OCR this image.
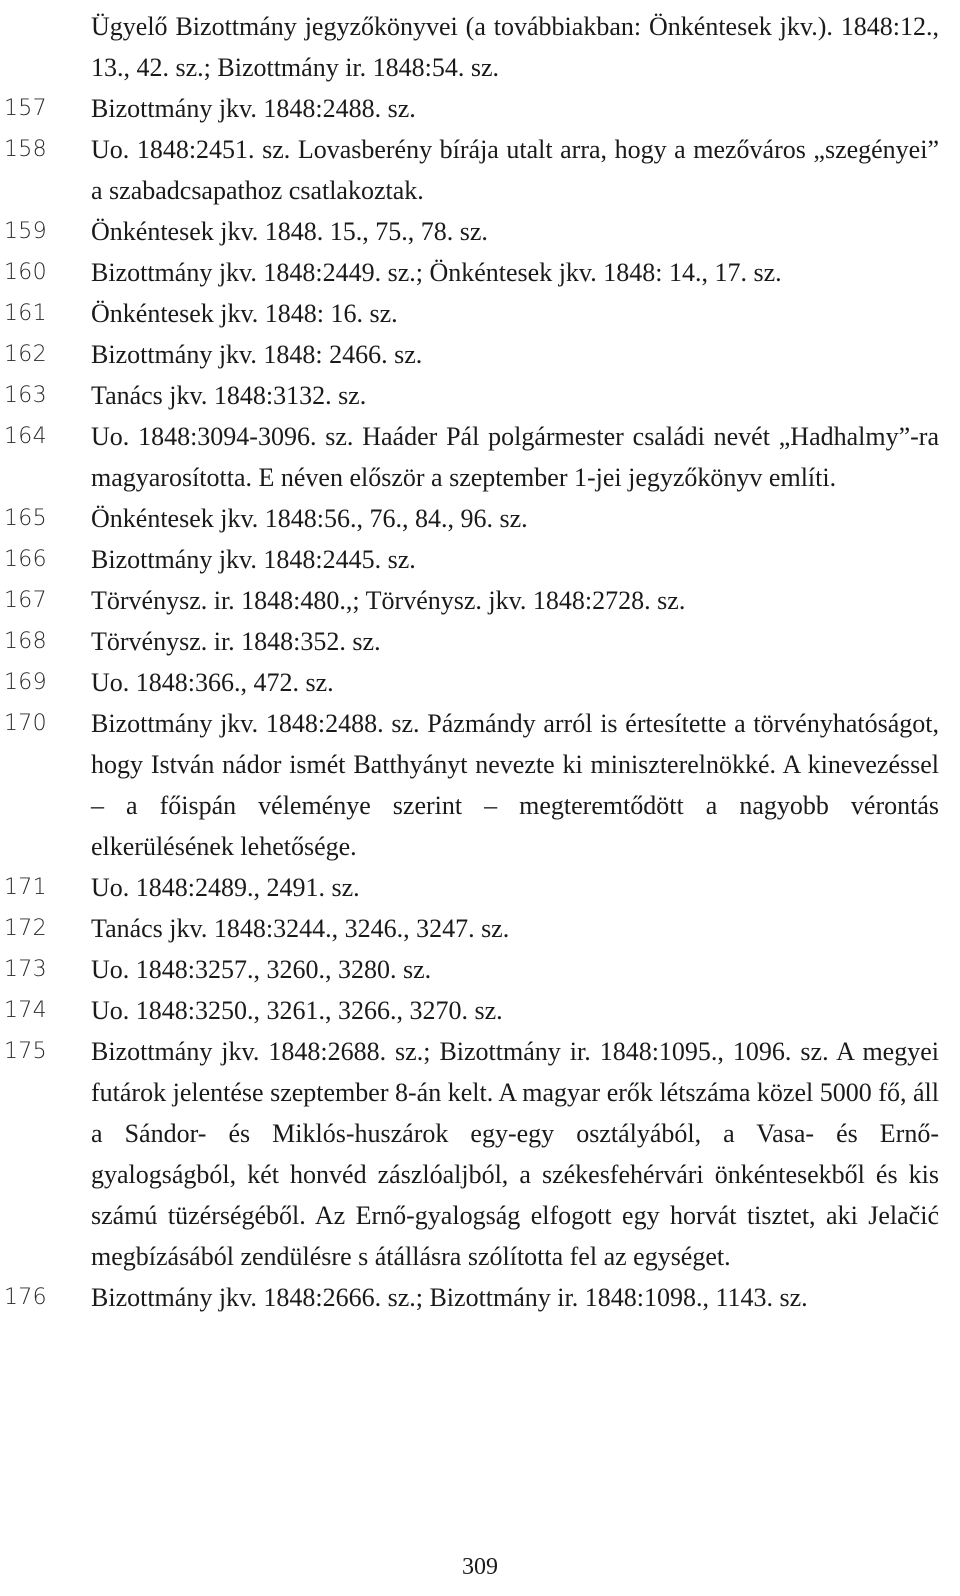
Ügyelő Bizottmány jegyzőkönyvei (a továbbiakban: Önkéntesek jkv.). 1848:12., 13., 42. sz.; Bizottmány ir. 1848:54. sz.
157	Bizottmány jkv. 1848:2488. sz.
158	Uo. 1848:2451. sz. Lovasberény bírája utalt arra, hogy a mezőváros „szegényei” a szabadcsapathoz csatlakoztak.
159	Önkéntesek jkv. 1848. 15., 75., 78. sz.
160	Bizottmány jkv. 1848:2449. sz.; Önkéntesek jkv. 1848: 14., 17. sz.
161	Önkéntesek jkv. 1848: 16. sz.
162	Bizottmány jkv. 1848: 2466. sz.
163	Tanács jkv. 1848:3132. sz.
164	Uo. 1848:3094-3096. sz. Haáder Pál polgármester családi nevét „Hadhalmy”-ra magyarosította. E néven először a szeptember 1-jei jegyzőkönyv említi.
165	Önkéntesek jkv. 1848:56., 76., 84., 96. sz.
166	Bizottmány jkv. 1848:2445. sz.
167	Törvénysz. ir. 1848:480.,; Törvénysz. jkv. 1848:2728. sz.
168	Törvénysz. ir. 1848:352. sz.
169	Uo. 1848:366., 472. sz.
170	Bizottmány jkv. 1848:2488. sz. Pázmándy arról is értesítette a törvényhatóságot, hogy István nádor ismét Batthyányt nevezte ki miniszterelnökké. A kinevezéssel – a főispán véleménye szerint – megteremtődött a nagyobb vérontás elkerülésének lehetősége.
171	Uo. 1848:2489., 2491. sz.
172	Tanács jkv. 1848:3244., 3246., 3247. sz.
173	Uo. 1848:3257., 3260., 3280. sz.
174	Uo. 1848:3250., 3261., 3266., 3270. sz.
175	Bizottmány jkv. 1848:2688. sz.; Bizottmány ir. 1848:1095., 1096. sz. A megyei futárok jelentése szeptember 8-án kelt. A magyar erők létszáma közel 5000 fő, áll a Sándor- és Miklós-huszárok egy-egy osztályából, a Vasa- és Ernő-gyalogságból, két honvéd zászlóaljból, a székesfehérvári önkéntesekből és kis számú tüzérségéből. Az Ernő-gyalogság elfogott egy horvát tisztet, aki Jelačić megbízásából zendülésre s átállásra szólította fel az egységet.
176	Bizottmány jkv. 1848:2666. sz.; Bizottmány ir. 1848:1098., 1143. sz.
309
